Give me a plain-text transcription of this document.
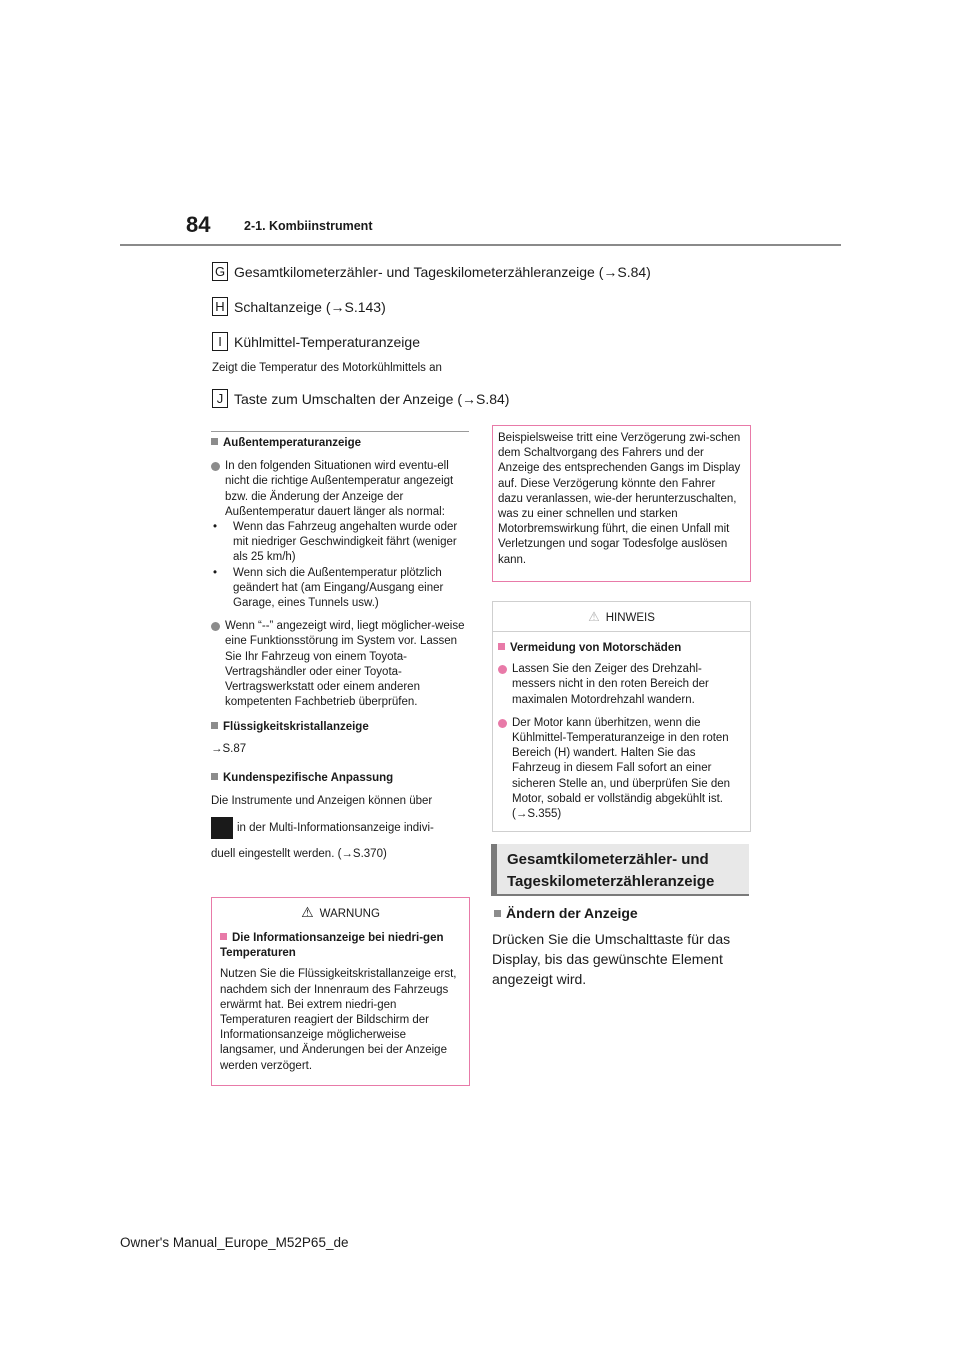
84	2-1. Kombiinstrument
G Gesamtkilometerzähler- und Tageskilometerzähleranzeige (→S.84)
H Schaltanzeige (→S.143)
I Kühlmittel-Temperaturanzeige
Zeigt die Temperatur des Motorkühlmittels an
J Taste zum Umschalten der Anzeige (→S.84)
Außentemperaturanzeige
In den folgenden Situationen wird eventu-ell nicht die richtige Außentemperatur angezeigt bzw. die Änderung der Anzeige der Außentemperatur dauert länger als normal:
• Wenn das Fahrzeug angehalten wurde oder mit niedriger Geschwindigkeit fährt (weniger als 25 km/h)
• Wenn sich die Außentemperatur plötzlich geändert hat (am Eingang/Ausgang einer Garage, eines Tunnels usw.)
Wenn “--” angezeigt wird, liegt möglicher-weise eine Funktionsstörung im System vor. Lassen Sie Ihr Fahrzeug von einem Toyota-Vertragshändler oder einer Toyota-Vertragswerkstatt oder einem anderen kompetenten Fachbetrieb überprüfen.
Flüssigkeitskristallanzeige
→S.87
Kundenspezifische Anpassung
Die Instrumente und Anzeigen können über
in der Multi-Informationsanzeige indivi-
duell eingestellt werden. (→S.370)
⚠ WARNUNG
Die Informationsanzeige bei niedri-gen Temperaturen
Nutzen Sie die Flüssigkeitskristallanzeige erst, nachdem sich der Innenraum des Fahrzeugs erwärmt hat. Bei extrem niedri-gen Temperaturen reagiert der Bildschirm der Informationsanzeige möglicherweise langsamer, und Änderungen bei der Anzeige werden verzögert.
Beispielsweise tritt eine Verzögerung zwi-schen dem Schaltvorgang des Fahrers und der Anzeige des entsprechenden Gangs im Display auf. Diese Verzögerung könnte den Fahrer dazu veranlassen, wie-der herunterzuschalten, was zu einer schnellen und starken Motorbremswirkung führt, die einen Unfall mit Verletzungen und sogar Todesfolge auslösen kann.
⚠ HINWEIS
Vermeidung von Motorschäden
Lassen Sie den Zeiger des Drehzahl-messers nicht in den roten Bereich der maximalen Motordrehzahl wandern.
Der Motor kann überhitzen, wenn die Kühlmittel-Temperaturanzeige in den roten Bereich (H) wandert. Halten Sie das Fahrzeug in diesem Fall sofort an einer sicheren Stelle an, und überprüfen Sie den Motor, sobald er vollständig abgekühlt ist. (→S.355)
Gesamtkilometerzähler- und
Tageskilometerzähleranzeige
Ändern der Anzeige
Drücken Sie die Umschalttaste für das Display, bis das gewünschte Element angezeigt wird.
Owner's Manual_Europe_M52P65_de
